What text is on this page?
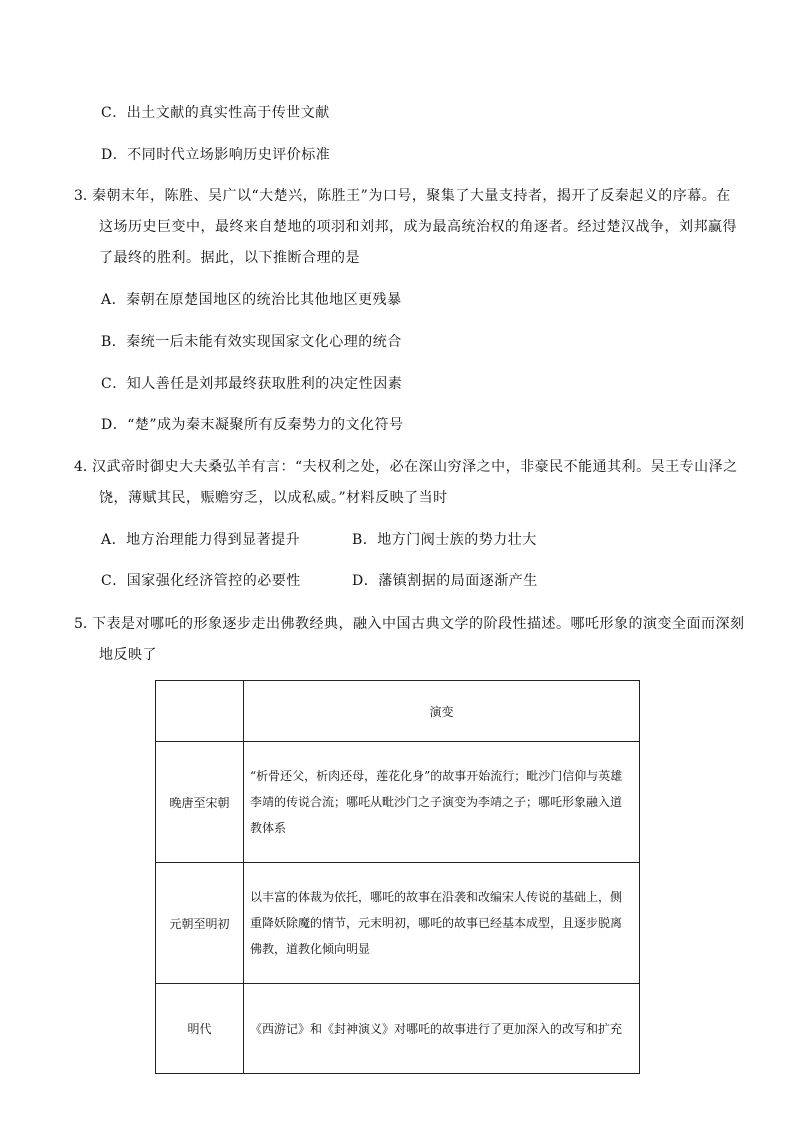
C．出土文献的真实性高于传世文献
D．不同时代立场影响历史评价标准
3．
秦朝末年，陈胜、吴广以“大楚兴，陈胜王”为口号，聚集了大量支持者，揭开了反秦起义的序幕。在
这场历史巨变中，最终来自楚地的项羽和刘邦，成为最高统治权的角逐者。经过楚汉战争，刘邦赢得
了最终的胜利。据此，以下推断合理的是
A．秦朝在原楚国地区的统治比其他地区更残暴
B．秦统一后未能有效实现国家文化心理的统合
C．知人善任是刘邦最终获取胜利的决定性因素
D．“楚”成为秦末凝聚所有反秦势力的文化符号
4．
汉武帝时御史大夫桑弘羊有言：“夫权利之处，必在深山穷泽之中，非豪民不能通其利。吴王专山泽之
饶，薄赋其民，赈赡穷乏，以成私威。”材料反映了当时
A．地方治理能力得到显著提升	B．地方门阀士族的势力壮大
C．国家强化经济管控的必要性	D．藩镇割据的局面逐渐产生
5．
下表是对哪吒的形象逐步走出佛教经典，融入中国古典文学的阶段性描述。哪吒形象的演变全面而深刻
地反映了
	演变
晚唐至宋朝	“析骨还父，析肉还母，莲花化身”的故事开始流行；毗沙门信仰与英雄李靖的传说合流；哪吒从毗沙门之子演变为李靖之子；哪吒形象融入道教体系
元朝至明初	以丰富的体裁为依托，哪吒的故事在沿袭和改编宋人传说的基础上，侧重降妖除魔的情节，元末明初，哪吒的故事已经基本成型，且逐步脱离佛教，道教化倾向明显
明代	《西游记》和《封神演义》对哪吒的故事进行了更加深入的改写和扩充
